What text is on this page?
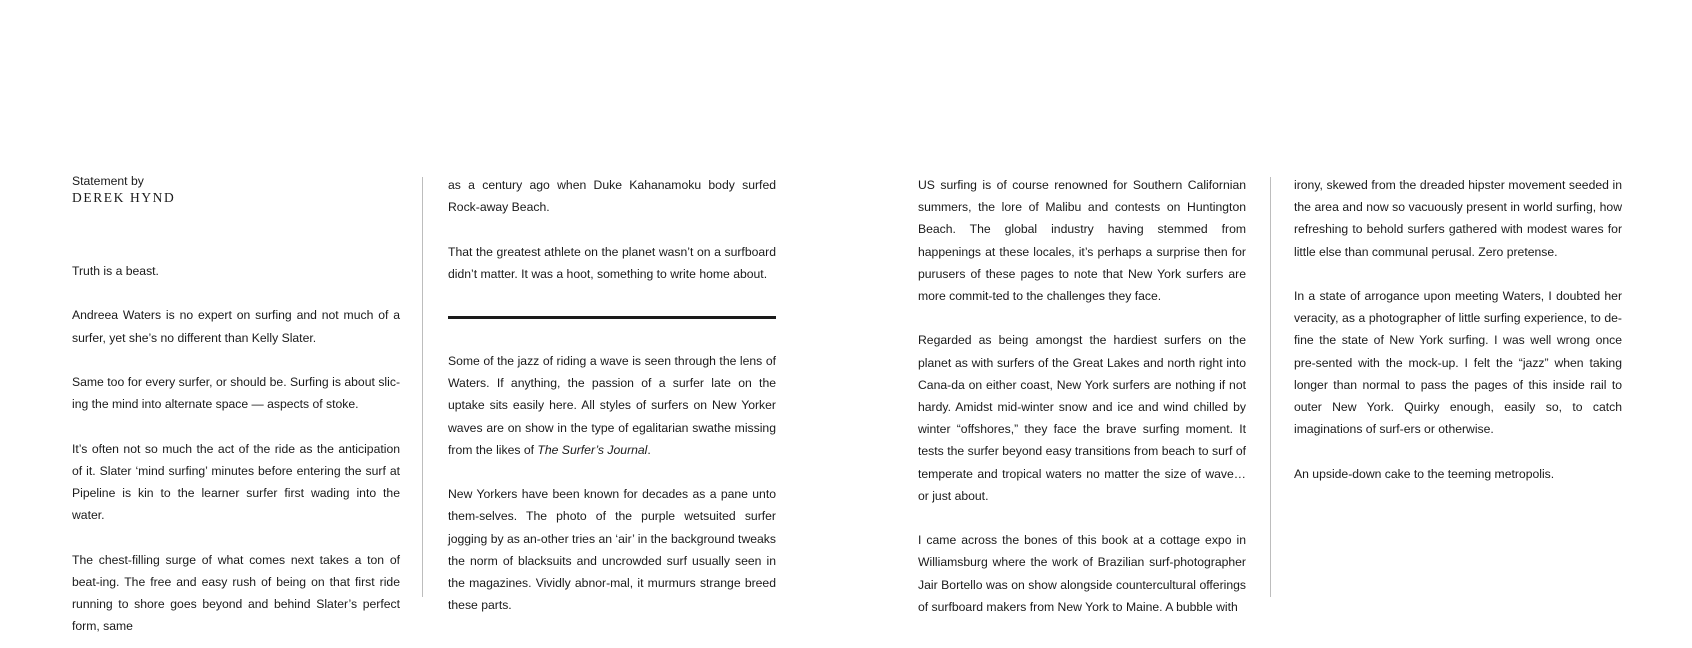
Statement by
DEREK HYND

Truth is a beast.

Andreea Waters is no expert on surfing and not much of a surfer, yet she’s no different than Kelly Slater.

Same too for every surfer, or should be. Surfing is about slic-ing the mind into alternate space — aspects of stoke.

It’s often not so much the act of the ride as the anticipation of it. Slater ‘mind surfing’ minutes before entering the surf at Pipeline is kin to the learner surfer first wading into the water.

The chest-filling surge of what comes next takes a ton of beat-ing. The free and easy rush of being on that first ride running to shore goes beyond and behind Slater’s perfect form, same

as a century ago when Duke Kahanamoku body surfed Rock-away Beach.

That the greatest athlete on the planet wasn’t on a surfboard didn’t matter. It was a hoot, something to write home about.

Some of the jazz of riding a wave is seen through the lens of Waters. If anything, the passion of a surfer late on the uptake sits easily here. All styles of surfers on New Yorker waves are on show in the type of egalitarian swathe missing from the likes of The Surfer’s Journal.

New Yorkers have been known for decades as a pane unto them-selves. The photo of the purple wetsuited surfer jogging by as an-other tries an ‘air’ in the background tweaks the norm of blacksuits and uncrowded surf usually seen in the magazines. Vividly abnor-mal, it murmurs strange breed these parts.

US surfing is of course renowned for Southern Californian summers, the lore of Malibu and contests on Huntington Beach. The global industry having stemmed from happenings at these locales, it’s perhaps a surprise then for purusers of these pages to note that New York surfers are more commit-ted to the challenges they face.

Regarded as being amongst the hardiest surfers on the planet as with surfers of the Great Lakes and north right into Cana-da on either coast, New York surfers are nothing if not hardy. Amidst mid-winter snow and ice and wind chilled by winter “offshores,” they face the brave surfing moment. It tests the surfer beyond easy transitions from beach to surf of temperate and tropical waters no matter the size of wave…or just about.

I came across the bones of this book at a cottage expo in Williamsburg where the work of Brazilian surf-photographer Jair Bortello was on show alongside countercultural offerings of surfboard makers from New York to Maine. A bubble with

irony, skewed from the dreaded hipster movement seeded in the area and now so vacuously present in world surfing, how refreshing to behold surfers gathered with modest wares for little else than communal perusal. Zero pretense.

In a state of arrogance upon meeting Waters, I doubted her veracity, as a photographer of little surfing experience, to de-fine the state of New York surfing. I was well wrong once pre-sented with the mock-up. I felt the “jazz” when taking longer than normal to pass the pages of this inside rail to outer New York. Quirky enough, easily so, to catch imaginations of surf-ers or otherwise.

An upside-down cake to the teeming metropolis.
